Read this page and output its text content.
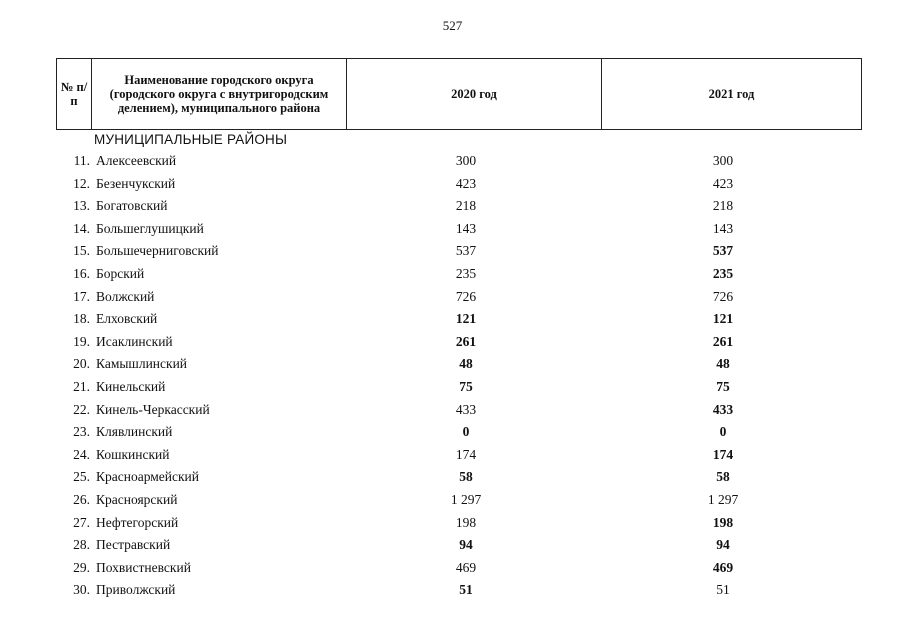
527
№ п/п	Наименование городского округа (городского округа с внутригородским делением), муниципального района	2020 год	2021 год
МУНИЦИПАЛЬНЫЕ РАЙОНЫ
11. Алексеевский	300	300
12. Безенчукский	423	423
13. Богатовский	218	218
14. Большеглушицкий	143	143
15. Большечерниговский	537	537
16. Борский	235	235
17. Волжский	726	726
18. Елховский	121	121
19. Исаклинский	261	261
20. Камышлинский	48	48
21. Кинельский	75	75
22. Кинель-Черкасский	433	433
23. Клявлинский	0	0
24. Кошкинский	174	174
25. Красноармейский	58	58
26. Красноярский	1 297	1 297
27. Нефтегорский	198	198
28. Пестравский	94	94
29. Похвистневский	469	469
30. Приволжский	51	51
